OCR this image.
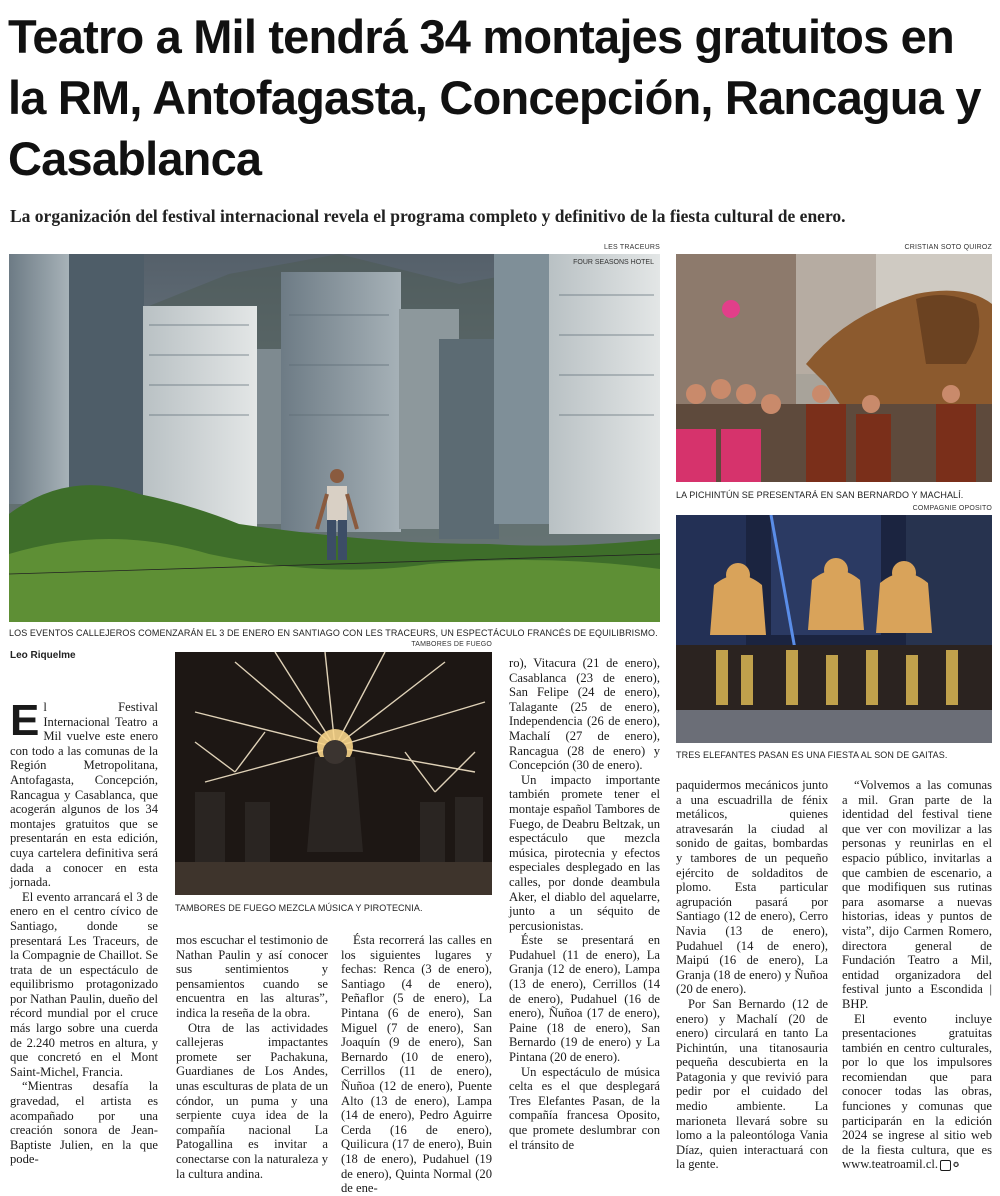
Teatro a Mil tendrá 34 montajes gratuitos en la RM, Antofagasta, Concepción, Rancagua y Casablanca

La organización del festival internacional revela el programa completo y definitivo de la fiesta cultural de enero.

LES TRACEURS
FOUR SEASONS HOTEL
LOS EVENTOS CALLEJEROS COMENZARÁN EL 3 DE ENERO EN SANTIAGO CON LES TRACEURS, UN ESPECTÁCULO FRANCÉS DE EQUILIBRISMO.
CRISTIAN SOTO QUIROZ
LA PICHINTÚN SE PRESENTARÁ EN SAN BERNARDO Y MACHALÍ.
COMPAGNIE OPOSITO
TRES ELEFANTES PASAN ES UNA FIESTA AL SON DE GAITAS.
TAMBORES DE FUEGO
TAMBORES DE FUEGO MEZCLA MÚSICA Y PIROTECNIA.
Leo Riquelme

El Festival Internacional Teatro a Mil vuelve este enero con todo a las comunas de la Región Metropolitana, Antofagasta, Concepción, Rancagua y Casablanca, que acogerán algunos de los 34 montajes gratuitos que se presentarán en esta edición, cuya cartelera definitiva será dada a conocer en esta jornada.

El evento arrancará el 3 de enero en el centro cívico de Santiago, donde se presentará Les Traceurs, de la Compagnie de Chaillot. Se trata de un espectáculo de equilibrismo protagonizado por Nathan Paulin, dueño del récord mundial por el cruce más largo sobre una cuerda de 2.240 metros en altura, y que concretó en el Mont Saint-Michel, Francia.

“Mientras desafía la gravedad, el artista es acompañado por una creación sonora de Jean-Baptiste Julien, en la que pode-

mos escuchar el testimonio de Nathan Paulin y así conocer sus sentimientos y pensamientos cuando se encuentra en las alturas”, indica la reseña de la obra.

Otra de las actividades callejeras impactantes promete ser Pachakuna, Guardianes de Los Andes, unas esculturas de plata de un cóndor, un puma y una serpiente cuya idea de la compañía nacional La Patogallina es invitar a conectarse con la naturaleza y la cultura andina.

Ésta recorrerá las calles en los siguientes lugares y fechas: Renca (3 de enero), Santiago (4 de enero), Peñaflor (5 de enero), La Pintana (6 de enero), San Miguel (7 de enero), San Joaquín (9 de enero), San Bernardo (10 de enero), Cerrillos (11 de enero), Ñuñoa (12 de enero), Puente Alto (13 de enero), Lampa (14 de enero), Pedro Aguirre Cerda (16 de enero), Quilicura (17 de enero), Buin (18 de enero), Pudahuel (19 de enero), Quinta Normal (20 de ene-

ro), Vitacura (21 de enero), Casablanca (23 de enero), San Felipe (24 de enero), Talagante (25 de enero), Independencia (26 de enero), Machalí (27 de enero), Rancagua (28 de enero) y Concepción (30 de enero).

Un impacto importante también promete tener el montaje español Tambores de Fuego, de Deabru Beltzak, un espectáculo que mezcla música, pirotecnia y efectos especiales desplegado en las calles, por donde deambula Aker, el diablo del aquelarre, junto a un séquito de percusionistas.

Éste se presentará en Pudahuel (11 de enero), La Granja (12 de enero), Lampa (13 de enero), Cerrillos (14 de enero), Pudahuel (16 de enero), Ñuñoa (17 de enero), Paine (18 de enero), San Bernardo (19 de enero) y La Pintana (20 de enero).

Un espectáculo de música celta es el que desplegará Tres Elefantes Pasan, de la compañía francesa Oposito, que promete deslumbrar con el tránsito de

paquidermos mecánicos junto a una escuadrilla de fénix metálicos, quienes atravesarán la ciudad al sonido de gaitas, bombardas y tambores de un pequeño ejército de soldaditos de plomo. Esta particular agrupación pasará por Santiago (12 de enero), Cerro Navia (13 de enero), Pudahuel (14 de enero), Maipú (16 de enero), La Granja (18 de enero) y Ñuñoa (20 de enero).

Por San Bernardo (12 de enero) y Machalí (20 de enero) circulará en tanto La Pichintún, una titanosauria pequeña descubierta en la Patagonia y que revivió para pedir por el cuidado del medio ambiente. La marioneta llevará sobre su lomo a la paleontóloga Vania Díaz, quien interactuará con la gente.

“Volvemos a las comunas a mil. Gran parte de la identidad del festival tiene que ver con movilizar a las personas y reunirlas en el espacio público, invitarlas a que cambien de escenario, a que modifiquen sus rutinas para asomarse a nuevas historias, ideas y puntos de vista”, dijo Carmen Romero, directora general de Fundación Teatro a Mil, entidad organizadora del festival junto a Escondida | BHP.

El evento incluye presentaciones gratuitas también en centro culturales, por lo que los impulsores recomiendan que para conocer todas las obras, funciones y comunas que participarán en la edición 2024 se ingrese al sitio web de la fiesta cultura, que es www.teatroamil.cl. ✪
